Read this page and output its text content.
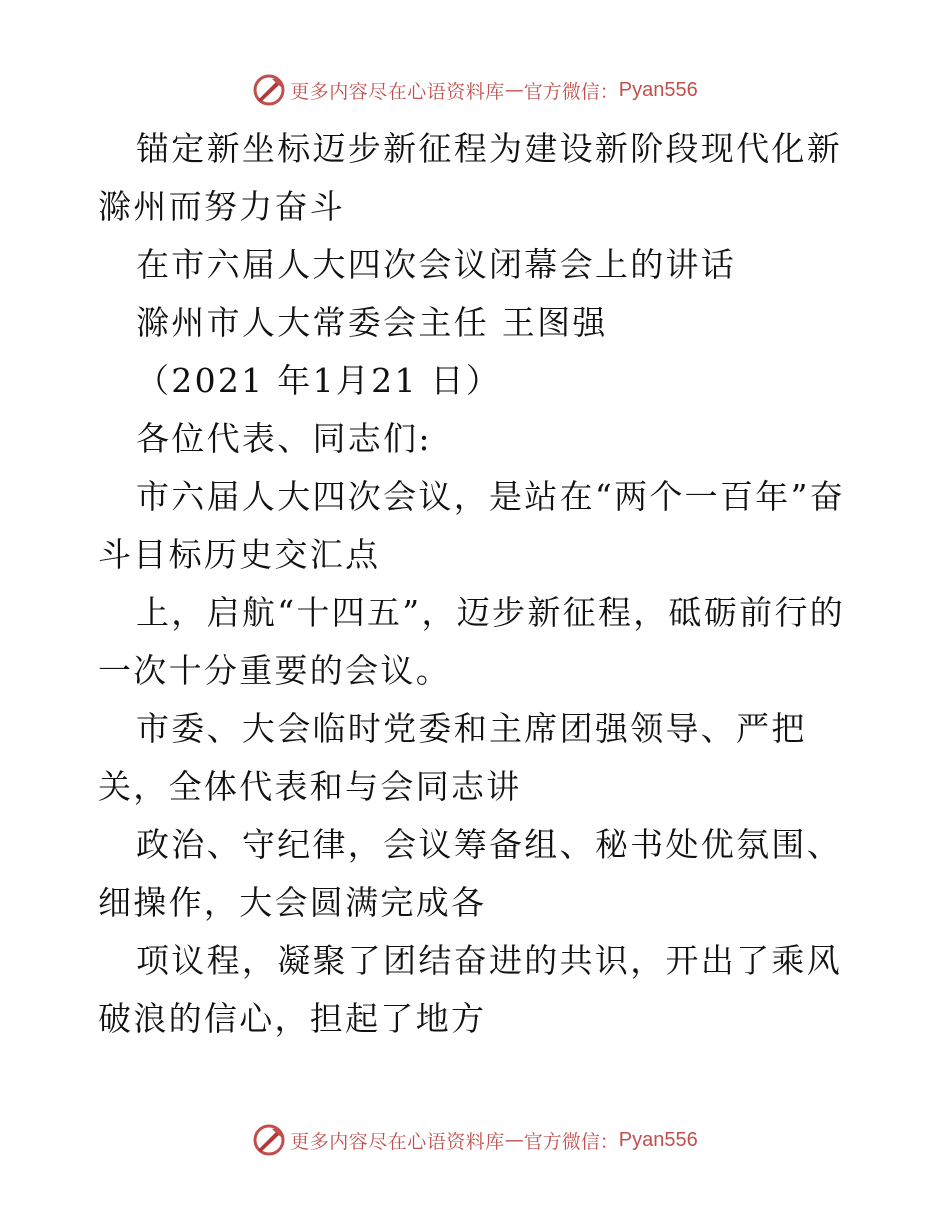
更多内容尽在心语资料库 — 官方微信： Pyan556

锚定新坐标迈步新征程为建设新阶段现代化新滁州而努力奋斗

在市六届人大四次会议闭幕会上的讲话

滁州市人大常委会主任 王图强

（2021 年1月21 日）

各位代表、同志们:

市六届人大四次会议，是站在“两个一百年”奋斗目标历史交汇点

上，启航“十四五”，迈步新征程，砥砺前行的一次十分重要的会议。

市委、大会临时党委和主席团强领导、严把关，全体代表和与会同志讲

政治、守纪律，会议筹备组、秘书处优氛围、细操作，大会圆满完成各

项议程，凝聚了团结奋进的共识，开出了乘风破浪的信心，担起了地方

更多内容尽在心语资料库 — 官方微信： Pyan556
